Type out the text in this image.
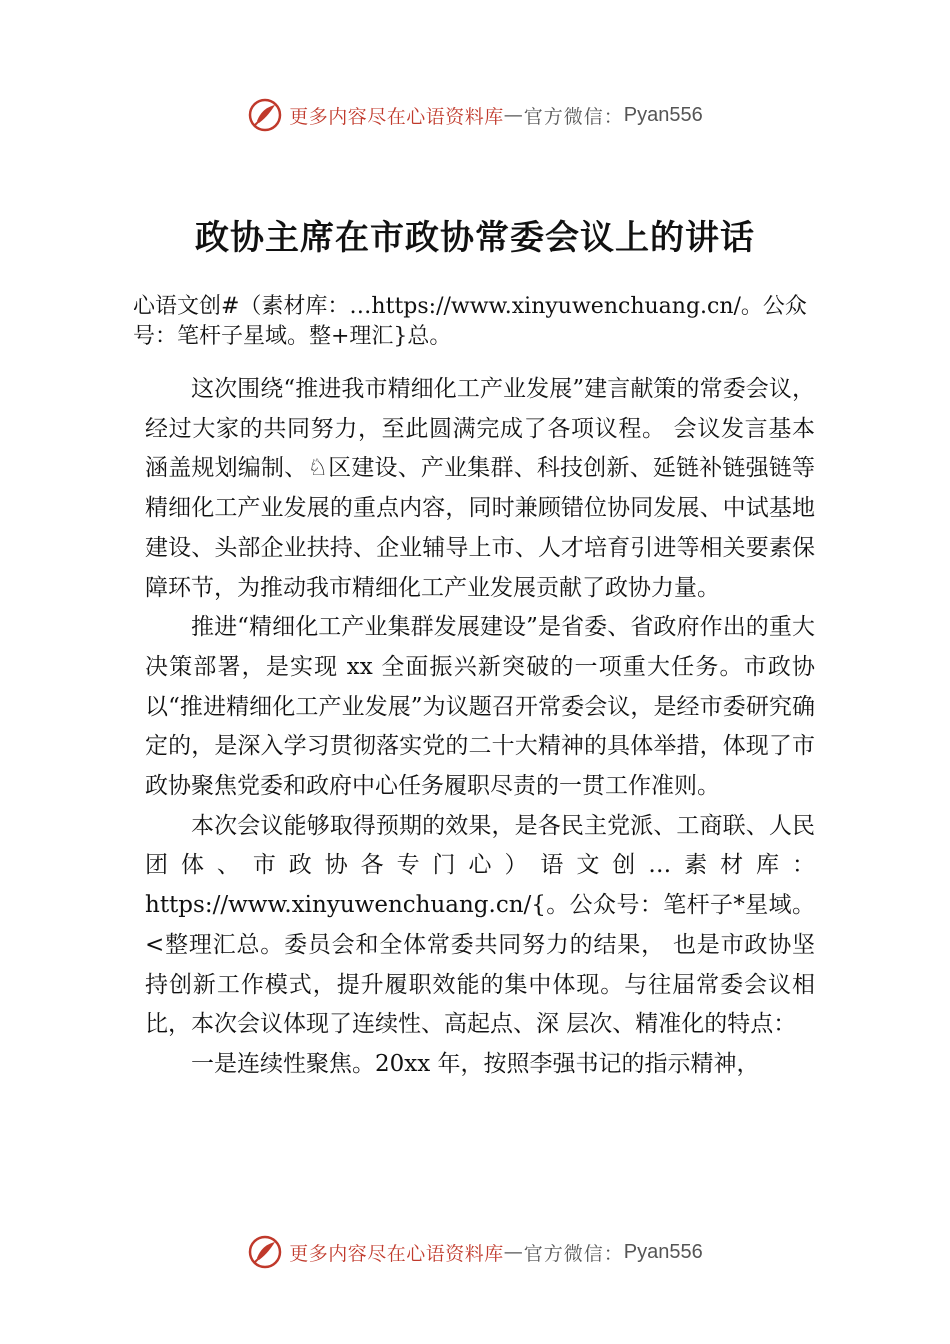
更多内容尽在心语资料库 — 官方微信： Pyan556
政协主席在市政协常委会议上的讲话

心语文创#（素材库：…https://www.xinyuwenchuang.cn/。公众号：笔杆子星域。整+理汇}总。

这次围绕“推进我市精细化工产业发展”建言献策的常委会议，经过大家的共同努力，至此圆满完成了各项议程。 会议发言基本涵盖规划编制、♘区建设、产业集群、科技创新、延链补链强链等精细化工产业发展的重点内容，同时兼顾错位协同发展、中试基地建设、头部企业扶持、企业辅导上市、人才培育引进等相关要素保障环节，为推动我市精细化工产业发展贡献了政协力量。

推进“精细化工产业集群发展建设”是省委、省政府作出的重大决策部署，是实现 xx 全面振兴新突破的一项重大任务。市政协以“推进精细化工产业发展”为议题召开常委会议，是经市委研究确定的，是深入学习贯彻落实党的二十大精神的具体举措，体现了市政协聚焦党委和政府中心任务履职尽责的一贯工作准则。

本次会议能够取得预期的效果，是各民主党派、工商联、人民团体、市政协各专门心）语文创…素材库：https://www.xinyuwenchuang.cn/{。公众号：笔杆子*星域。<整理汇总。委员会和全体常委共同努力的结果， 也是市政协坚持创新工作模式，提升履职效能的集中体现。与往届常委会议相比，本次会议体现了连续性、高起点、深 层次、精准化的特点：

一是连续性聚焦。20xx 年，按照李强书记的指示精神，

更多内容尽在心语资料库 — 官方微信： Pyan556
